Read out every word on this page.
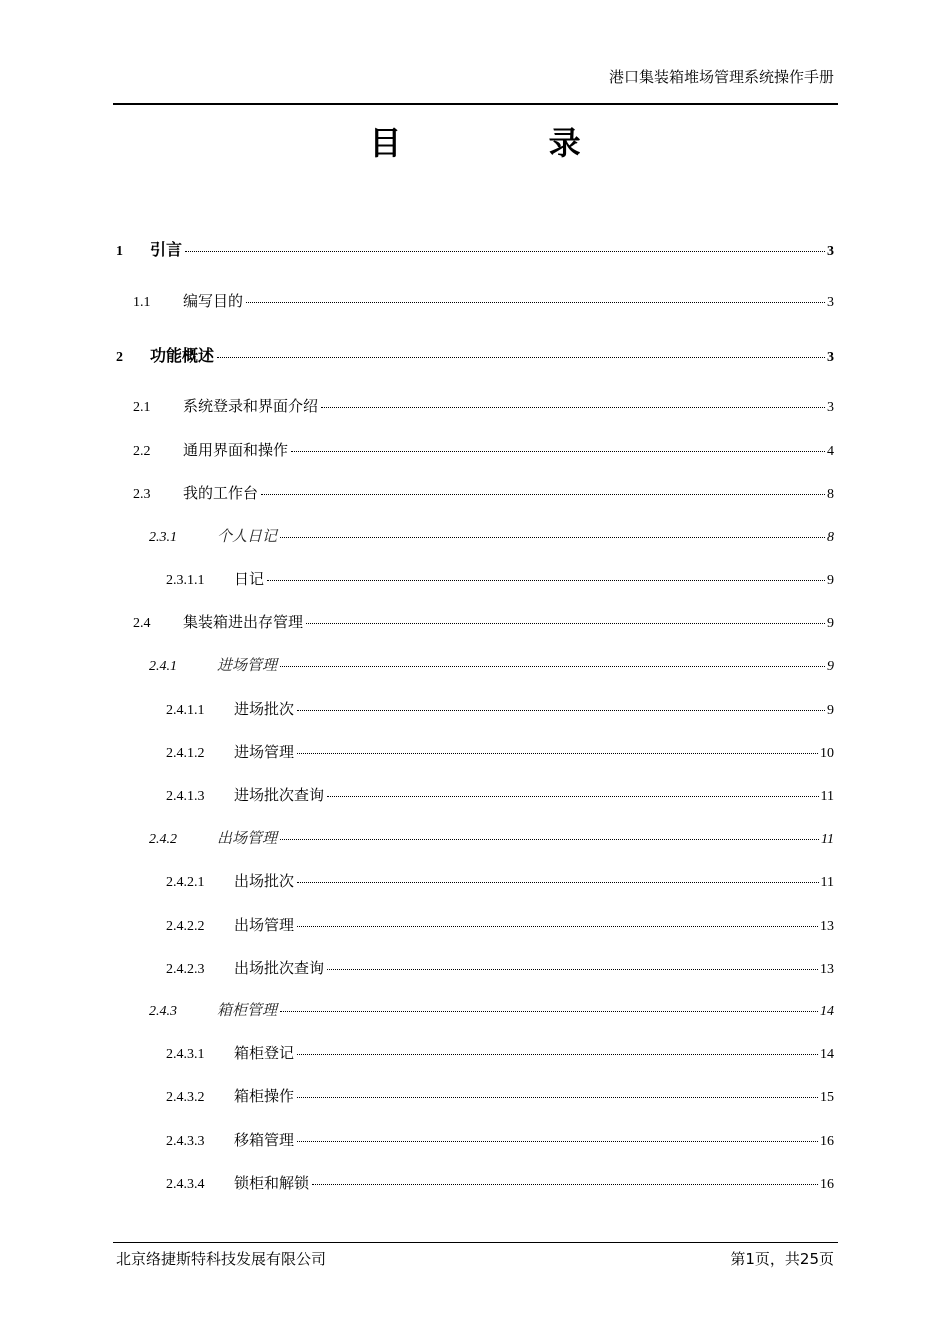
港口集装箱堆场管理系统操作手册
目 录
1	引言	3
1.1	编写目的	3
2	功能概述	3
2.1	系统登录和界面介绍	3
2.2	通用界面和操作	4
2.3	我的工作台	8
2.3.1	个人日记	8
2.3.1.1	日记	9
2.4	集装箱进出存管理	9
2.4.1	进场管理	9
2.4.1.1	进场批次	9
2.4.1.2	进场管理	10
2.4.1.3	进场批次查询	11
2.4.2	出场管理	11
2.4.2.1	出场批次	11
2.4.2.2	出场管理	13
2.4.2.3	出场批次查询	13
2.4.3	箱柜管理	14
2.4.3.1	箱柜登记	14
2.4.3.2	箱柜操作	15
2.4.3.3	移箱管理	16
2.4.3.4	锁柜和解锁	16
北京络捷斯特科技发展有限公司	第1页，共25页
